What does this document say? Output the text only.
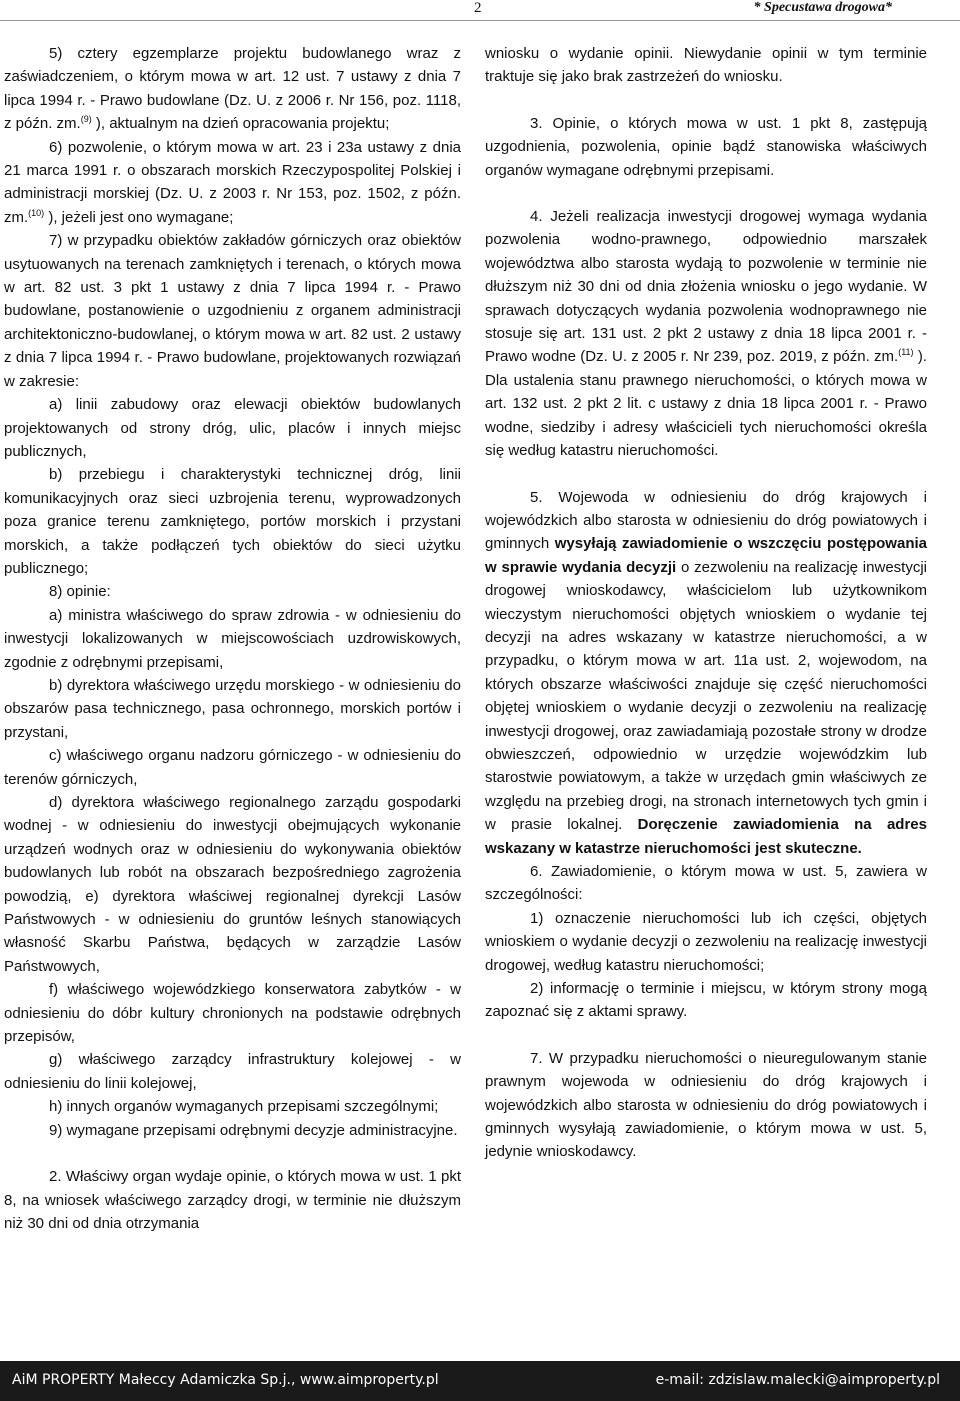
2	* Specustawa drogowa*

5) cztery egzemplarze projektu budowlanego wraz z zaświadczeniem, o którym mowa w art. 12 ust. 7 ustawy z dnia 7 lipca 1994 r. - Prawo budowlane (Dz. U. z 2006 r. Nr 156, poz. 1118, z późn. zm.$^{(9)}$ ), aktualnym na dzień opracowania projektu;

6) pozwolenie, o którym mowa w art. 23 i 23a ustawy z dnia 21 marca 1991 r. o obszarach morskich Rzeczypospolitej Polskiej i administracji morskiej (Dz. U. z 2003 r. Nr 153, poz. 1502, z późn. zm.$^{(10)}$ ), jeżeli jest ono wymagane;

7) w przypadku obiektów zakładów górniczych oraz obiektów usytuowanych na terenach zamkniętych i terenach, o których mowa w art. 82 ust. 3 pkt 1 ustawy z dnia 7 lipca 1994 r. - Prawo budowlane, postanowienie o uzgodnieniu z organem administracji architektoniczno-budowlanej, o którym mowa w art. 82 ust. 2 ustawy z dnia 7 lipca 1994 r. - Prawo budowlane, projektowanych rozwiązań w zakresie:

a) linii zabudowy oraz elewacji obiektów budowlanych projektowanych od strony dróg, ulic, placów i innych miejsc publicznych,

b) przebiegu i charakterystyki technicznej dróg, linii komunikacyjnych oraz sieci uzbrojenia terenu, wyprowadzonych poza granice terenu zamkniętego, portów morskich i przystani morskich, a także podłączeń tych obiektów do sieci użytku publicznego;

8) opinie:

a) ministra właściwego do spraw zdrowia - w odniesieniu do inwestycji lokalizowanych w miejscowościach uzdrowiskowych, zgodnie z odrębnymi przepisami,

b) dyrektora właściwego urzędu morskiego - w odniesieniu do obszarów pasa technicznego, pasa ochronnego, morskich portów i przystani,

c) właściwego organu nadzoru górniczego - w odniesieniu do terenów górniczych,

d) dyrektora właściwego regionalnego zarządu gospodarki wodnej - w odniesieniu do inwestycji obejmujących wykonanie urządzeń wodnych oraz w odniesieniu do wykonywania obiektów budowlanych lub robót na obszarach bezpośredniego zagrożenia powodzią, e) dyrektora właściwej regionalnej dyrekcji Lasów Państwowych - w odniesieniu do gruntów leśnych stanowiących własność Skarbu Państwa, będących w zarządzie Lasów Państwowych,

f) właściwego wojewódzkiego konserwatora zabytków - w odniesieniu do dóbr kultury chronionych na podstawie odrębnych przepisów,

g) właściwego zarządcy infrastruktury kolejowej - w odniesieniu do linii kolejowej,

h) innych organów wymaganych przepisami szczególnymi;

9) wymagane przepisami odrębnymi decyzje administracyjne.

2. Właściwy organ wydaje opinie, o których mowa w ust. 1 pkt 8, na wniosek właściwego zarządcy drogi, w terminie nie dłuższym niż 30 dni od dnia otrzymania

wniosku o wydanie opinii. Niewydanie opinii w tym terminie traktuje się jako brak zastrzeżeń do wniosku.

3. Opinie, o których mowa w ust. 1 pkt 8, zastępują uzgodnienia, pozwolenia, opinie bądź stanowiska właściwych organów wymagane odrębnymi przepisami.

4. Jeżeli realizacja inwestycji drogowej wymaga wydania pozwolenia wodno-prawnego, odpowiednio marszałek województwa albo starosta wydają to pozwolenie w terminie nie dłuższym niż 30 dni od dnia złożenia wniosku o jego wydanie. W sprawach dotyczących wydania pozwolenia wodnoprawnego nie stosuje się art. 131 ust. 2 pkt 2 ustawy z dnia 18 lipca 2001 r. - Prawo wodne (Dz. U. z 2005 r. Nr 239, poz. 2019, z późn. zm.$^{(11)}$ ). Dla ustalenia stanu prawnego nieruchomości, o których mowa w art. 132 ust. 2 pkt 2 lit. c ustawy z dnia 18 lipca 2001 r. - Prawo wodne, siedziby i adresy właścicieli tych nieruchomości określa się według katastru nieruchomości.

5. Wojewoda w odniesieniu do dróg krajowych i wojewódzkich albo starosta w odniesieniu do dróg powiatowych i gminnych wysyłają zawiadomienie o wszczęciu postępowania w sprawie wydania decyzji o zezwoleniu na realizację inwestycji drogowej wnioskodawcy, właścicielom lub użytkownikom wieczystym nieruchomości objętych wnioskiem o wydanie tej decyzji na adres wskazany w katastrze nieruchomości, a w przypadku, o którym mowa w art. 11a ust. 2, wojewodom, na których obszarze właściwości znajduje się część nieruchomości objętej wnioskiem o wydanie decyzji o zezwoleniu na realizację inwestycji drogowej, oraz zawiadamiają pozostałe strony w drodze obwieszczeń, odpowiednio w urzędzie wojewódzkim lub starostwie powiatowym, a także w urzędach gmin właściwych ze względu na przebieg drogi, na stronach internetowych tych gmin i w prasie lokalnej. Doręczenie zawiadomienia na adres wskazany w katastrze nieruchomości jest skuteczne.

6. Zawiadomienie, o którym mowa w ust. 5, zawiera w szczególności:

1) oznaczenie nieruchomości lub ich części, objętych wnioskiem o wydanie decyzji o zezwoleniu na realizację inwestycji drogowej, według katastru nieruchomości;

2) informację o terminie i miejscu, w którym strony mogą zapoznać się z aktami sprawy.

7. W przypadku nieruchomości o nieuregulowanym stanie prawnym wojewoda w odniesieniu do dróg krajowych i wojewódzkich albo starosta w odniesieniu do dróg powiatowych i gminnych wysyłają zawiadomienie, o którym mowa w ust. 5, jedynie wnioskodawcy.

AiM PROPERTY Małeccy Adamiczka Sp.j., www.aimproperty.pl	e-mail: zdzislaw.malecki@aimproperty.pl
